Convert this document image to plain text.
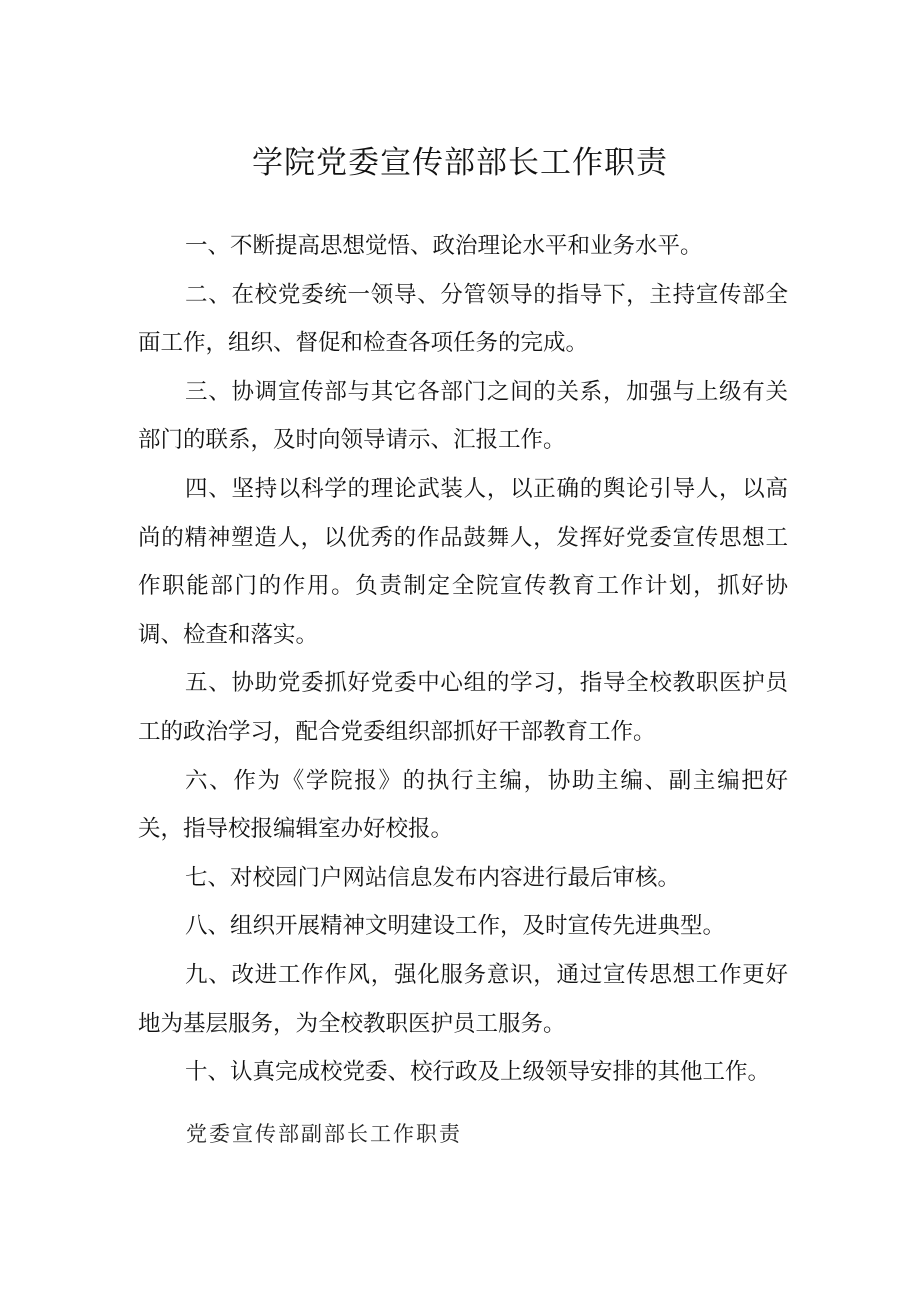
学院党委宣传部部长工作职责

一、不断提高思想觉悟、政治理论水平和业务水平。

二、在校党委统一领导、分管领导的指导下，主持宣传部全面工作，组织、督促和检查各项任务的完成。

三、协调宣传部与其它各部门之间的关系，加强与上级有关部门的联系，及时向领导请示、汇报工作。

四、坚持以科学的理论武装人，以正确的舆论引导人，以高尚的精神塑造人，以优秀的作品鼓舞人，发挥好党委宣传思想工作职能部门的作用。负责制定全院宣传教育工作计划，抓好协调、检查和落实。

五、协助党委抓好党委中心组的学习，指导全校教职医护员工的政治学习，配合党委组织部抓好干部教育工作。

六、作为《学院报》的执行主编，协助主编、副主编把好关，指导校报编辑室办好校报。

七、对校园门户网站信息发布内容进行最后审核。

八、组织开展精神文明建设工作，及时宣传先进典型。

九、改进工作作风，强化服务意识，通过宣传思想工作更好地为基层服务，为全校教职医护员工服务。

十、认真完成校党委、校行政及上级领导安排的其他工作。

党委宣传部副部长工作职责
